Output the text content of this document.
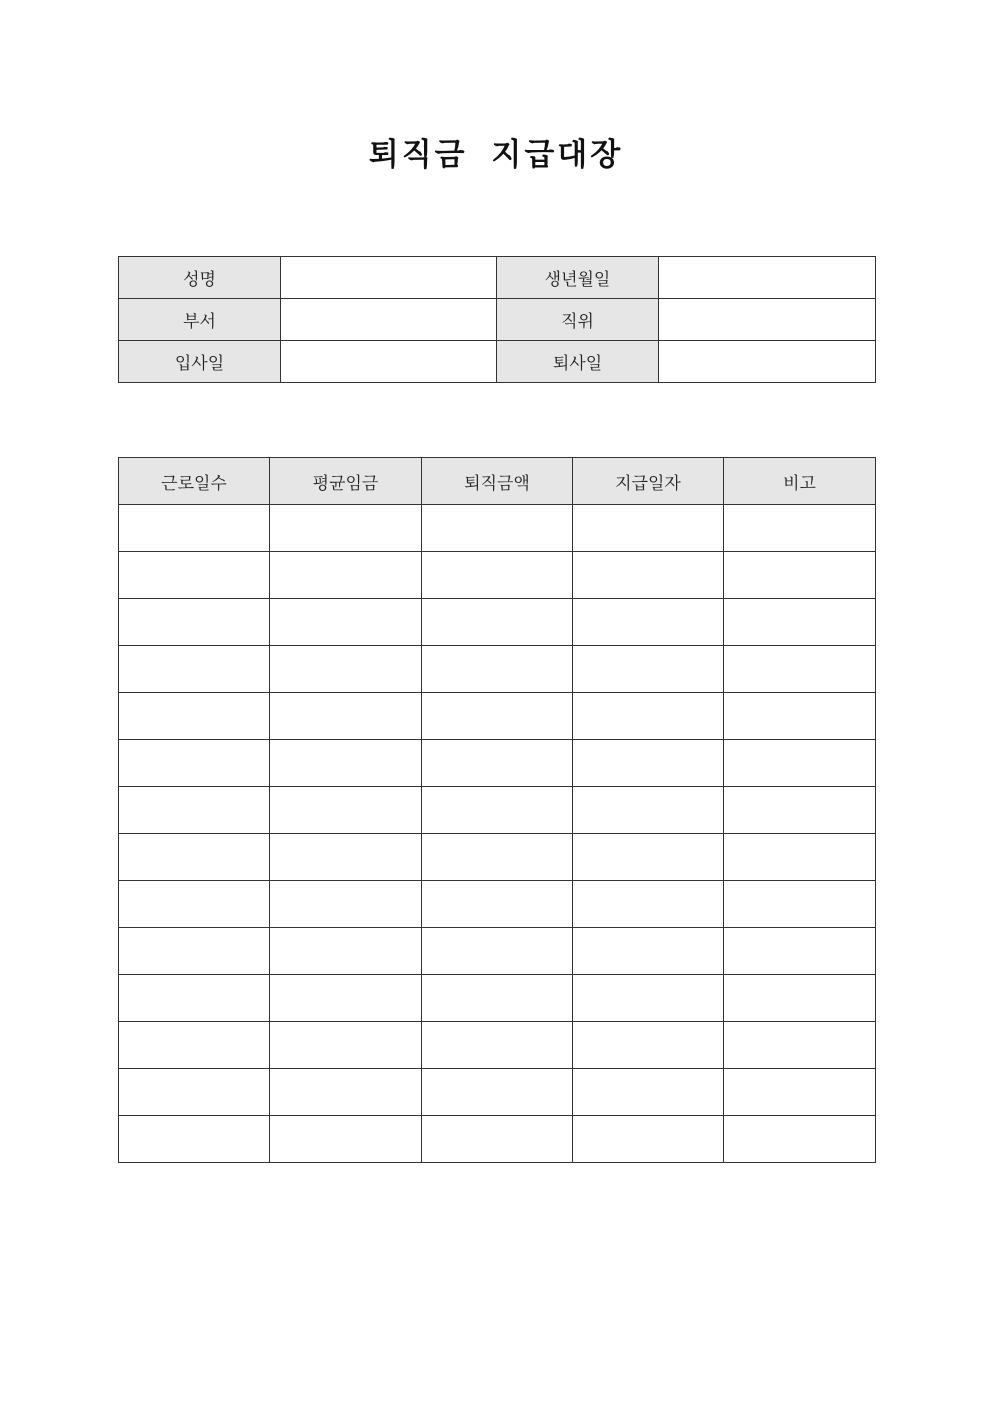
퇴직금 지급대장
성명		생년월일	
부서		직위	
입사일		퇴사일	
근로일수	평균임금	퇴직금액	지급일자	비고
